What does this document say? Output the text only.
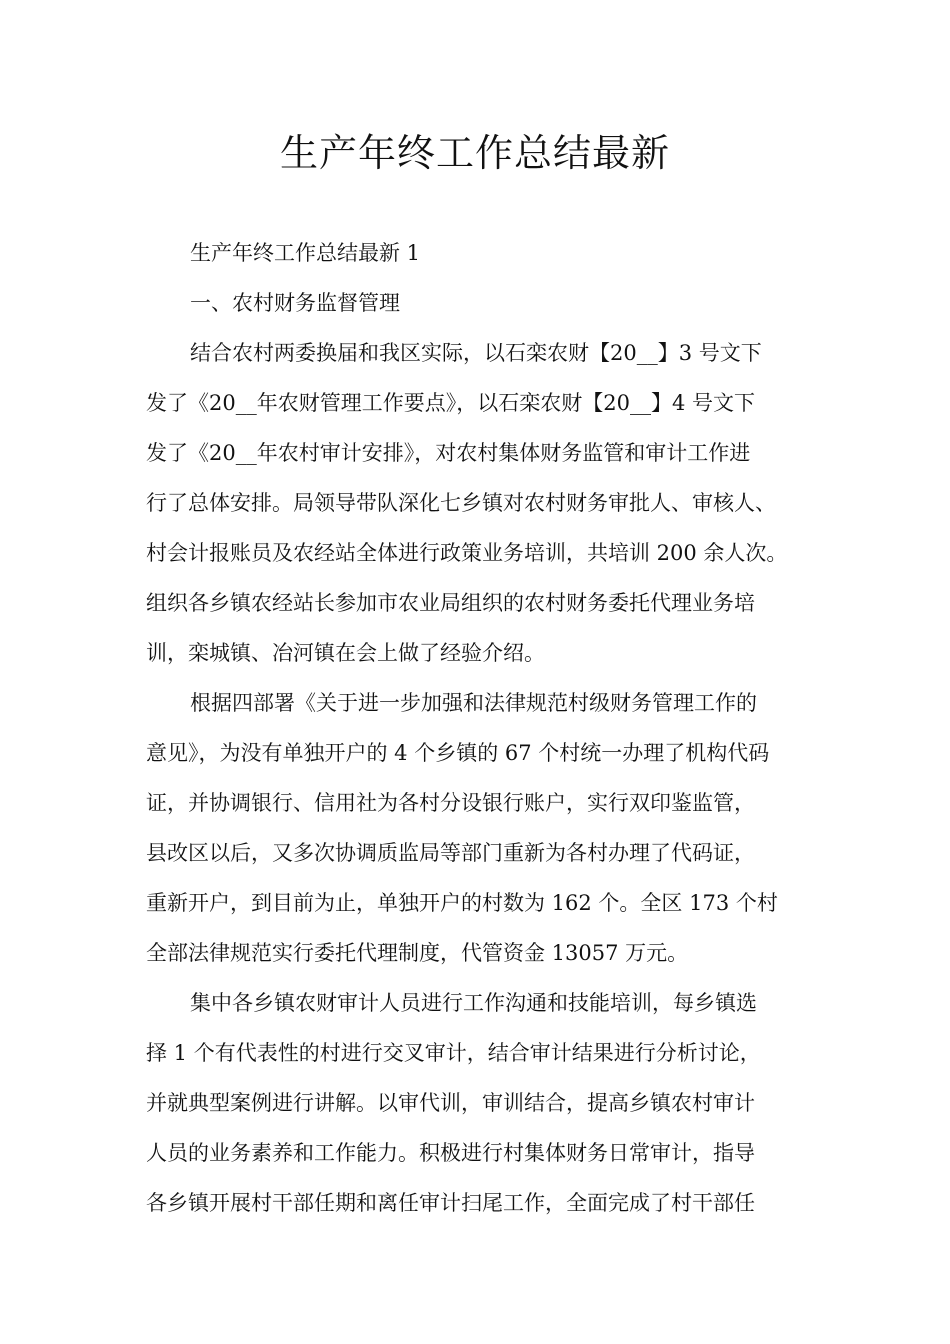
生产年终工作总结最新
生产年终工作总结最新 1
一、农村财务监督管理
结合农村两委换届和我区实际，以石栾农财【20__】3 号文下
发了《20__年农财管理工作要点》，以石栾农财【20__】4 号文下
发了《20__年农村审计安排》，对农村集体财务监管和审计工作进
行了总体安排。局领导带队深化七乡镇对农村财务审批人、审核人、
村会计报账员及农经站全体进行政策业务培训，共培训 200 余人次。
组织各乡镇农经站长参加市农业局组织的农村财务委托代理业务培
训，栾城镇、冶河镇在会上做了经验介绍。
根据四部署《关于进一步加强和法律规范村级财务管理工作的
意见》，为没有单独开户的 4 个乡镇的 67 个村统一办理了机构代码
证，并协调银行、信用社为各村分设银行账户，实行双印鉴监管，
县改区以后，又多次协调质监局等部门重新为各村办理了代码证，
重新开户，到目前为止，单独开户的村数为 162 个。全区 173 个村
全部法律规范实行委托代理制度，代管资金 13057 万元。
集中各乡镇农财审计人员进行工作沟通和技能培训，每乡镇选
择 1 个有代表性的村进行交叉审计，结合审计结果进行分析讨论，
并就典型案例进行讲解。以审代训，审训结合，提高乡镇农村审计
人员的业务素养和工作能力。积极进行村集体财务日常审计，指导
各乡镇开展村干部任期和离任审计扫尾工作，全面完成了村干部任
